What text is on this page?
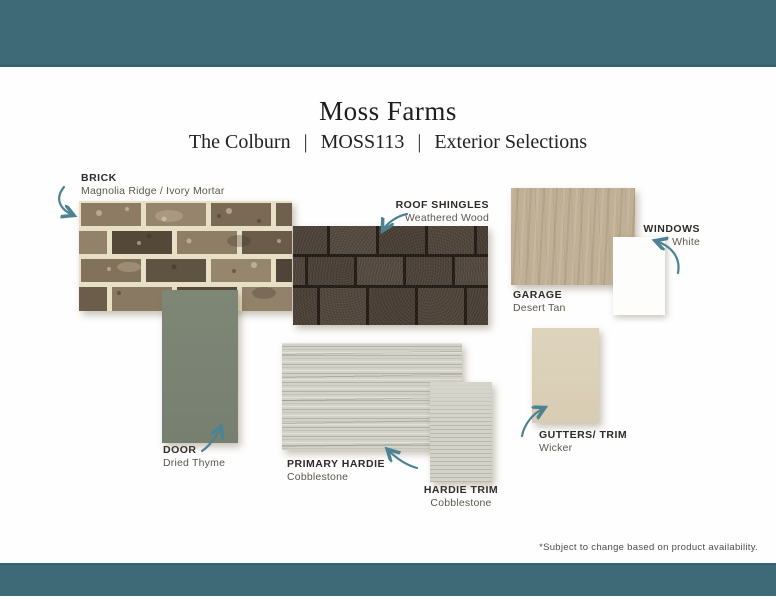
Moss Farms
The Colburn | MOSS113 | Exterior Selections
BRICK
Magnolia Ridge / Ivory Mortar
ROOF SHINGLES
Weathered Wood
GARAGE
Desert Tan
WINDOWS
White
DOOR
Dried Thyme	PRIMARY HARDIE
Cobblestone
HARDIE TRIM
Cobblestone
GUTTERS/ TRIM
Wicker
*Subject to change based on product availability.
